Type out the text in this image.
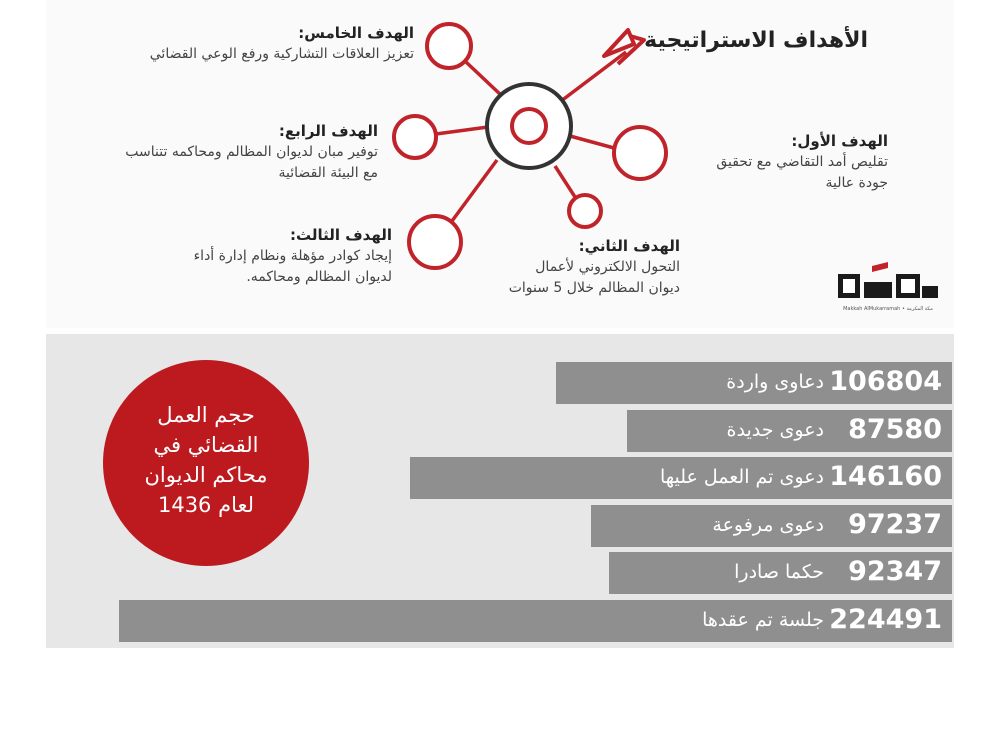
الأهداف الاستراتيجية
الهدف الأول:
تقليص أمد التقاضي مع تحقيق
جودة عالية
الهدف الثاني:
التحول الالكتروني لأعمال
ديوان المظالم خلال 5 سنوات
الهدف الثالث:
إيجاد كوادر مؤهلة ونظام إدارة أداء
لديوان المظالم ومحاكمه.
الهدف الرابع:
توفير مبان لديوان المظالم ومحاكمه تتناسب
مع البيئة القضائية
الهدف الخامس:
تعزيز العلاقات التشاركية ورفع الوعي القضائي
Makkah AlMukarramah • مكة المكرمة
106804
دعاوى واردة
87580
دعوى جديدة
146160
دعوى تم العمل عليها
97237
دعوى مرفوعة
92347
حكما صادرا
224491
جلسة تم عقدها
حجم العمل
القضائي في
محاكم الديوان
لعام 1436
